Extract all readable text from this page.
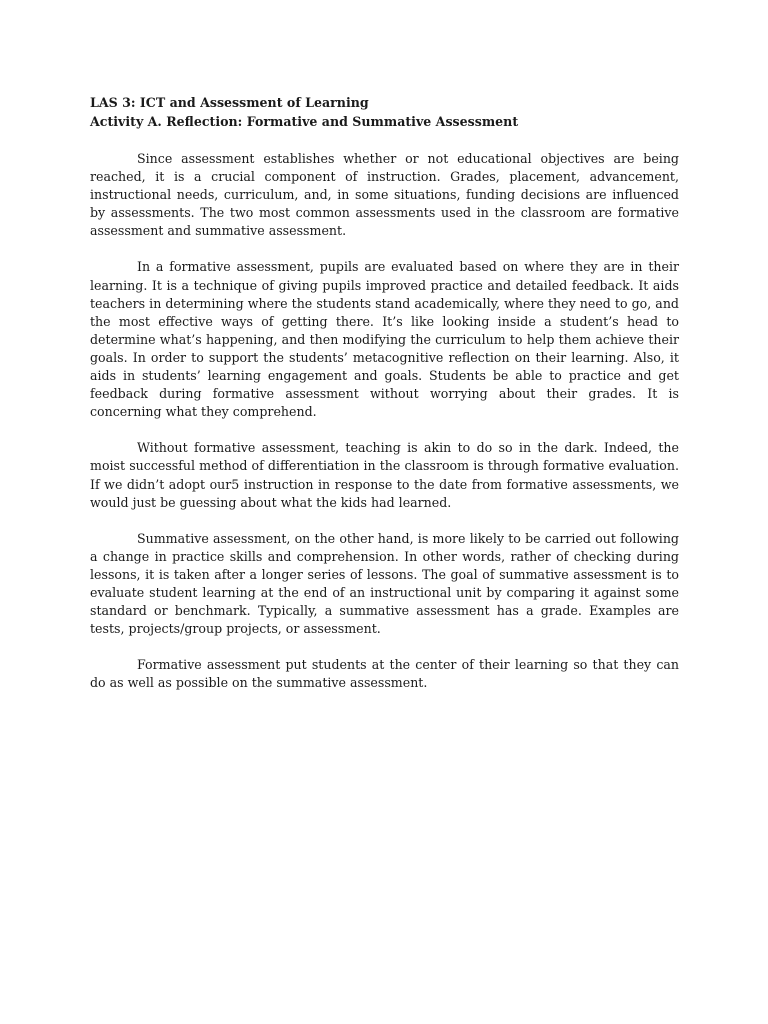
LAS 3: ICT and Assessment of Learning

Activity A. Reflection: Formative and Summative Assessment

Since assessment establishes whether or not educational objectives are being reached, it is a crucial component of instruction. Grades, placement, advancement, instructional needs, curriculum, and, in some situations, funding decisions are influenced by assessments. The two most common assessments used in the classroom are formative assessment and summative assessment.

In a formative assessment, pupils are evaluated based on where they are in their learning. It is a technique of giving pupils improved practice and detailed feedback. It aids teachers in determining where the students stand academically, where they need to go, and the most effective ways of getting there. It’s like looking inside a student’s head to determine what’s happening, and then modifying the curriculum to help them achieve their goals. In order to support the students’ metacognitive reflection on their learning. Also, it aids in students’ learning engagement and goals. Students be able to practice and get feedback during formative assessment without worrying about their grades. It is concerning what they comprehend.

Without formative assessment, teaching is akin to do so in the dark. Indeed, the moist successful method of differentiation in the classroom is through formative evaluation. If we didn’t adopt our5 instruction in response to the date from formative assessments, we would just be guessing about what the kids had learned.

Summative assessment, on the other hand, is more likely to be carried out following a change in practice skills and comprehension. In other words, rather of checking during lessons, it is taken after a longer series of lessons. The goal of summative assessment is to evaluate student learning at the end of an instructional unit by comparing it against some standard or benchmark. Typically, a summative assessment has a grade. Examples are tests, projects/group projects, or assessment.

Formative assessment put students at the center of their learning so that they can do as well as possible on the summative assessment.
